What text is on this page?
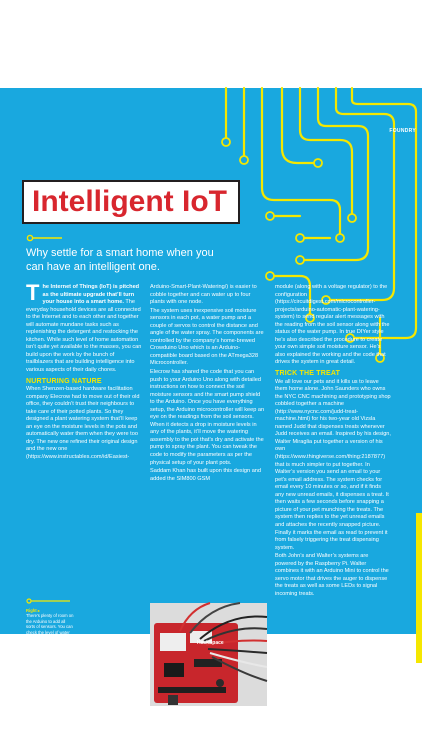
FOUNDRY
Intelligent IoT

Why settle for a smart home when you can have an intelligent one.

The Internet of Things (IoT) is pitched as the ultimate upgrade that’ll turn your house into a smart home. The everyday household devices are all connected to the Internet and to each other and together will automate mundane tasks such as replenishing the detergent and restocking the kitchen. While such level of home automation isn’t quite yet available to the masses, you can build upon the work by the bunch of trailblazers that are building intelligence into various aspects of their daily chores.

NURTURING NATURE

When Shenzen-based hardware facilitation company Elecrow had to move out of their old office, they couldn’t trust their neighbours to take care of their potted plants. So they designed a plant watering system that’ll keep an eye on the moisture levels in the pots and automatically water them when they were too dry. The new one refined their original design and the new one (https://www.instructables.com/id/Easiest-

Arduino-Smart-Plant-Watering/) is easier to cobble together and can water up to four plants with one node.

The system uses inexpensive soil moisture sensors in each pot, a water pump and a couple of servos to control the distance and angle of the water spray. The components are controlled by the company’s home-brewed Crowduino Uno which is an Arduino-compatible board based on the ATmega328 Microcontroller.

Elecrow has shared the code that you can push to your Arduino Uno along with detailed instructions on how to connect the soil moisture sensors and the smart pump shield to the Arduino. Once you have everything setup, the Arduino microcontroller will keep an eye on the readings from the soil sensors. When it detects a drop in moisture levels in any of the plants, it’ll move the watering assembly to the pot that’s dry and activate the pump to spray the plant. You can tweak the code to modify the parameters as per the physical setup of your plant pots.

Saddam Khan has built upon this design and added the SIM800 GSM

module (along with a voltage regulator) to the configuration (https://circuitdigest.com/microcontroller-projects/arduino-automatic-plant-watering-system) to send regular alert messages with the reading from the soil sensor along with the status of the water pump. In true DIYer style he’s also described the procedure to create your own simple soil moisture sensor. He’s also explained the working and the code that drives the system in great detail.

TRICK THE TREAT

We all love our pets and it kills us to leave them home alone. John Saunders who owns the NYC CNC machining and prototyping shop cobbled together a machine (http://www.nycnc.com/judd-treat-machine.html) for his two-year old Vizsla named Judd that dispenses treats whenever Judd receives an email. Inspired by his design, Walter Miraglia put together a version of his own (https://www.thingiverse.com/thing:2187877) that is much simpler to put together. In Walter’s version you send an email to your pet’s email address. The system checks for email every 10 minutes or so, and if it finds any new unread emails, it dispenses a treat. It then waits a few seconds before snapping a picture of your pet munching the treats. The system then replies to the yet unread emails and attaches the recently snapped picture. Finally it marks the email as read to prevent it from falsely triggering the treat dispensing system.

Both John’s and Walter’s systems are powered by the Raspberry Pi. Walter combines it with an Arduino Mini to control the servo motor that drives the auger to dispense the treats as well as some LEDs to signal incoming treats.

Right ▸
There’s plenty of room on the Arduino to add all sorts of sensors. You can check the level of water in a dish and refill it to make sure your quadruped friends are never thirsty.
Credit
Instructables.com
HackSpace	31
